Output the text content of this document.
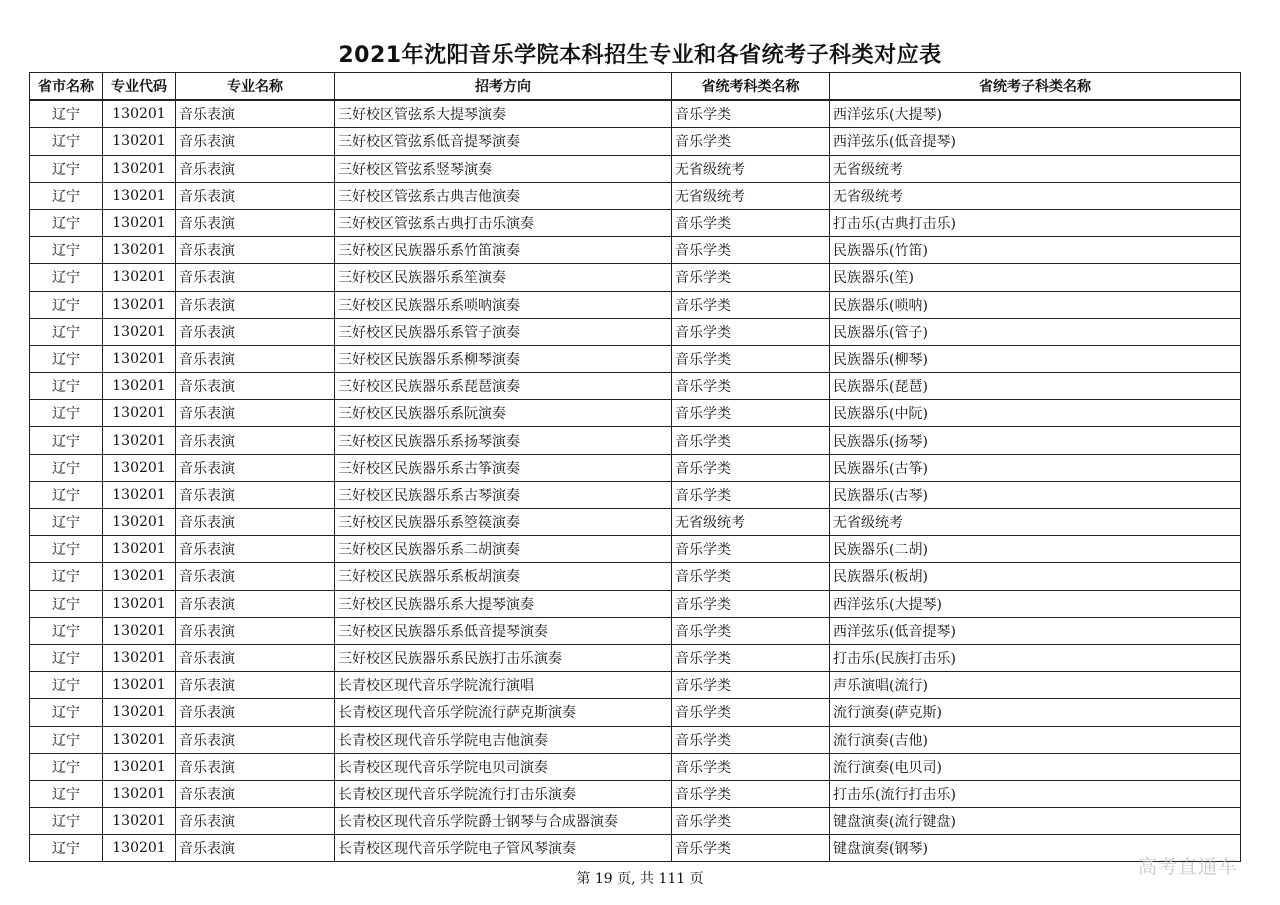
2021年沈阳音乐学院本科招生专业和各省统考子科类对应表
省市名称	专业代码	专业名称	招考方向	省统考科类名称	省统考子科类名称
辽宁	130201	音乐表演	三好校区管弦系大提琴演奏	音乐学类	西洋弦乐(大提琴)
辽宁	130201	音乐表演	三好校区管弦系低音提琴演奏	音乐学类	西洋弦乐(低音提琴)
辽宁	130201	音乐表演	三好校区管弦系竖琴演奏	无省级统考	无省级统考
辽宁	130201	音乐表演	三好校区管弦系古典吉他演奏	无省级统考	无省级统考
辽宁	130201	音乐表演	三好校区管弦系古典打击乐演奏	音乐学类	打击乐(古典打击乐)
辽宁	130201	音乐表演	三好校区民族器乐系竹笛演奏	音乐学类	民族器乐(竹笛)
辽宁	130201	音乐表演	三好校区民族器乐系笙演奏	音乐学类	民族器乐(笙)
辽宁	130201	音乐表演	三好校区民族器乐系唢呐演奏	音乐学类	民族器乐(唢呐)
辽宁	130201	音乐表演	三好校区民族器乐系管子演奏	音乐学类	民族器乐(管子)
辽宁	130201	音乐表演	三好校区民族器乐系柳琴演奏	音乐学类	民族器乐(柳琴)
辽宁	130201	音乐表演	三好校区民族器乐系琵琶演奏	音乐学类	民族器乐(琵琶)
辽宁	130201	音乐表演	三好校区民族器乐系阮演奏	音乐学类	民族器乐(中阮)
辽宁	130201	音乐表演	三好校区民族器乐系扬琴演奏	音乐学类	民族器乐(扬琴)
辽宁	130201	音乐表演	三好校区民族器乐系古筝演奏	音乐学类	民族器乐(古筝)
辽宁	130201	音乐表演	三好校区民族器乐系古琴演奏	音乐学类	民族器乐(古琴)
辽宁	130201	音乐表演	三好校区民族器乐系箜篌演奏	无省级统考	无省级统考
辽宁	130201	音乐表演	三好校区民族器乐系二胡演奏	音乐学类	民族器乐(二胡)
辽宁	130201	音乐表演	三好校区民族器乐系板胡演奏	音乐学类	民族器乐(板胡)
辽宁	130201	音乐表演	三好校区民族器乐系大提琴演奏	音乐学类	西洋弦乐(大提琴)
辽宁	130201	音乐表演	三好校区民族器乐系低音提琴演奏	音乐学类	西洋弦乐(低音提琴)
辽宁	130201	音乐表演	三好校区民族器乐系民族打击乐演奏	音乐学类	打击乐(民族打击乐)
辽宁	130201	音乐表演	长青校区现代音乐学院流行演唱	音乐学类	声乐演唱(流行)
辽宁	130201	音乐表演	长青校区现代音乐学院流行萨克斯演奏	音乐学类	流行演奏(萨克斯)
辽宁	130201	音乐表演	长青校区现代音乐学院电吉他演奏	音乐学类	流行演奏(吉他)
辽宁	130201	音乐表演	长青校区现代音乐学院电贝司演奏	音乐学类	流行演奏(电贝司)
辽宁	130201	音乐表演	长青校区现代音乐学院流行打击乐演奏	音乐学类	打击乐(流行打击乐)
辽宁	130201	音乐表演	长青校区现代音乐学院爵士钢琴与合成器演奏	音乐学类	键盘演奏(流行键盘)
辽宁	130201	音乐表演	长青校区现代音乐学院电子管风琴演奏	音乐学类	键盘演奏(钢琴)
第 19 页, 共 111 页
高考直通车
